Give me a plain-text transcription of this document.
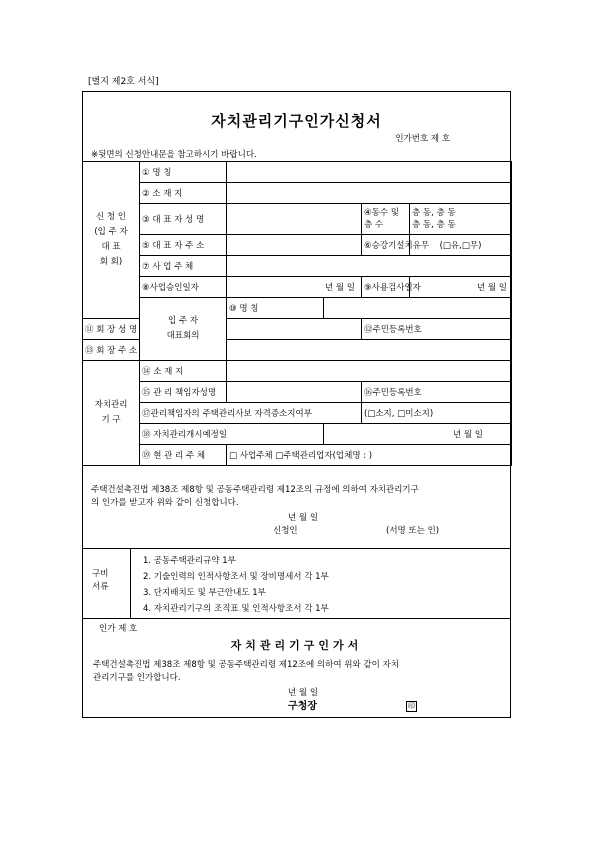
[별지 제2호 서식]
자치관리기구인가신청서
인가번호 제 호
※뒷면의 신청안내문을 참고하시기 바랍니다.
신 청 인
(입 주 자
대 표
회 회)	① 명 칭				
	② 소 재 지				
	③ 대 표 자 성 명			④동수 및
층 수	층 동, 층 동
층 동, 층 동
	⑤ 대 표 자 주 소			⑥승강기설치유무	(□유,□무)
	⑦ 사 업 주 체				
	⑧사업승인일자	년 월 일		⑨사용검사일자	년 월 일
	입 주 자
대표회의	⑩ 명 칭			
⑪ 회 장 성 명				⑫주민등록번호	
⑬ 회 장 주 소					
자치관리
기 구	⑭ 소 재 지				
	⑮ 관 리 책임자성명			⑯주민등록번호	
	⑰관리책임자의 주택관리사보 자격증소지여부			(□소지, □미소지)	
	⑱ 자치관리개시예정일		년 월 일		
	⑲ 현 관 리 주 체	□ 사업주체 □주택관리업자(업체명 : )			
주택건설촉진법 제38조 제8항 및 공동주택관리령 제12조의 규정에 의하여 자치관리기구
의 인가를 받고자 위와 같이 신청합니다.
년 월 일
신청인	(서명 또는 인)
구비
서류
1. 공동주택관리규약 1부
2. 기술인력의 인적사항조서 및 장비명세서 각 1부
3. 단지배치도 및 부근안내도 1부
4. 자치관리기구의 조직표 및 인적사항조서 각 1부
인가 제 호
자치관리기구인가서
주택건설촉진법 제38조 제8항 및 공동주택관리령 제12조에 의하여 위와 같이 자치
관리기구를 인가합니다.
년 월 일
구청장	印
